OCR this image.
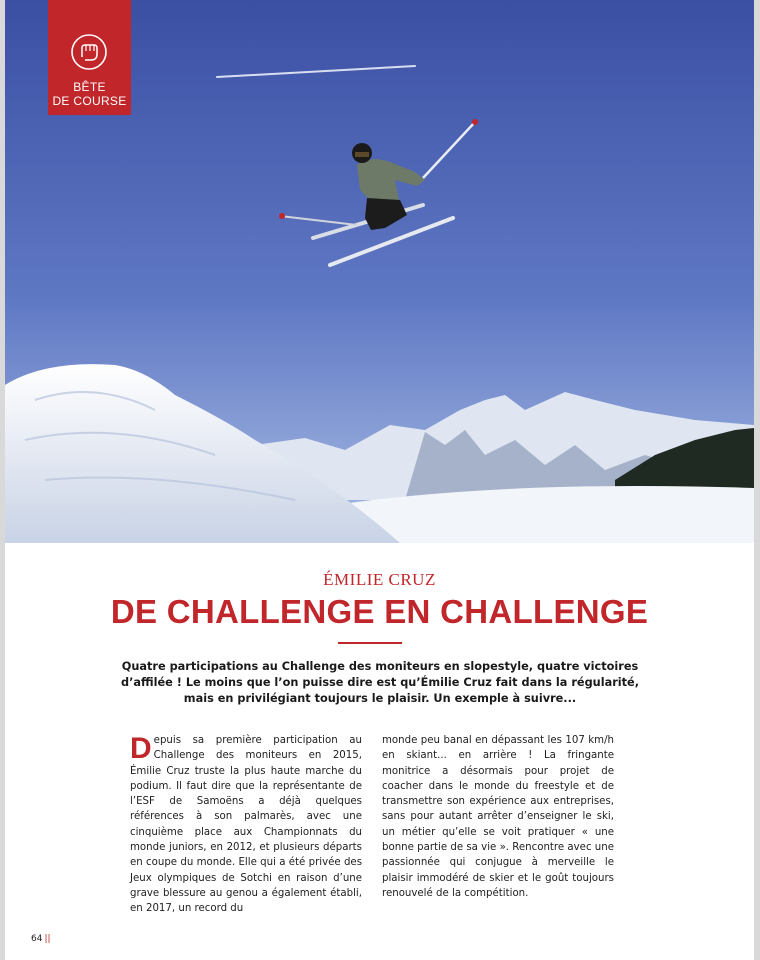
BÊTE
DE COURSE
ÉMILIE CRUZ
DE CHALLENGE EN CHALLENGE
Quatre participations au Challenge des moniteurs en slopestyle, quatre victoires d’affilée ! Le moins que l’on puisse dire est qu’Émilie Cruz fait dans la régularité, mais en privilégiant toujours le plaisir. Un exemple à suivre...
Depuis sa première participation au Challenge des moniteurs en 2015, Émilie Cruz truste la plus haute marche du podium. Il faut dire que la représentante de l’ESF de Samoëns a déjà quelques références à son palmarès, avec une cinquième place aux Championnats du monde juniors, en 2012, et plusieurs départs en coupe du monde. Elle qui a été privée des Jeux olympiques de Sotchi en raison d’une grave blessure au genou a également établi, en 2017, un record du
monde peu banal en dépassant les 107 km/h en skiant... en arrière ! La fringante monitrice a désormais pour projet de coacher dans le monde du freestyle et de transmettre son expérience aux entreprises, sans pour autant arrêter d’enseigner le ski, un métier qu’elle se voit pratiquer « une bonne partie de sa vie ». Rencontre avec une passionnée qui conjugue à merveille le plaisir immodéré de skier et le goût toujours renouvelé de la compétition.
64 ||
